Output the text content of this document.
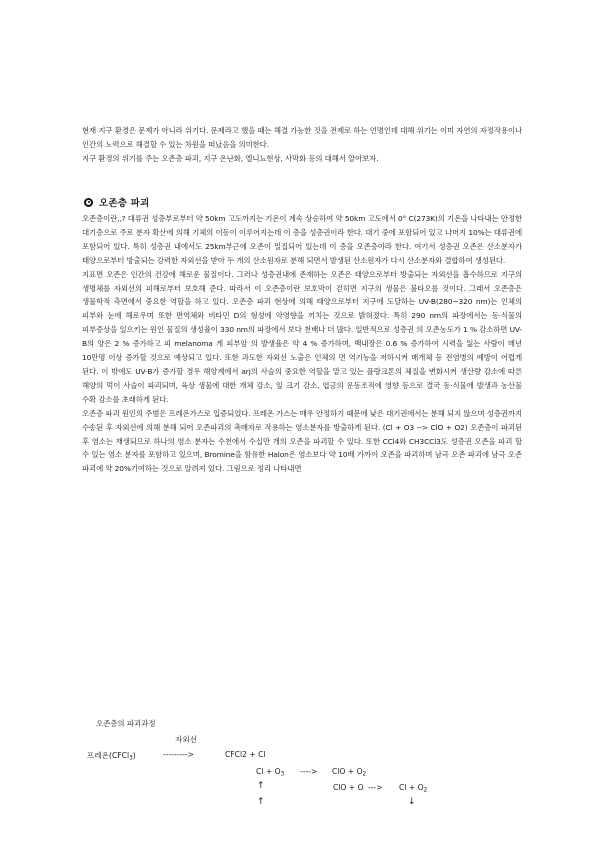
현재 지구 환경은 문제가 아니라 위기다. 문제라고 했을 때는 해결 가능한 것을 전제로 하는 언명인데 대해 위기는 이미 자연의 자정작용이나 인간의 노력으로 해결할 수 있는 차원을 떠났음을 의미한다.

지구 환경의 위기를 주는 오존층 파괴, 지구 온난화, 엘니뇨현상, 사막화 등의 대해서 알아보자.

오존층 파괴

오존층이란,,? 대류권 성층부로부터 약 50km 고도까지는 기온이 계속 상승하여 약 50km 고도에서 0° C(273K)의 기온을 나타내는 안정한 대기층으로 주로 분자 확산에 의해 기체의 이동이 이루어지는데 이 층을 성층권이라 한다. 대기 중에 포함되어 있고 나머지 10%는 대류권에 포함되어 있다. 특히 성층권 내에서도 25km부근에 오존이 밀집되어 있는데 이 층을 오존층이라 한다. 여기서 성층권 오존은 산소분자가 태양으로부터 방출되는 강력한 자외선을 받아 두 개의 산소원자로 분해 되면서 발생된 산소원자가 다시 산소분자와 결합하여 생성된다.

지표면 오존은 인간의 건강에 해로운 물질이다. 그러나 성층권내에 존재하는 오존은 태양으로부터 방출되는 자외선을 흡수하므로 지구의 생명체를 자외선의 피해로부터 보호해 준다. 따라서 이 오존층이란 보호막이 걷히면 지구의 생물은 불타오를 것이다. 그래서 오존층은 생물학적 측면에서 중요한 역할을 하고 있다. 오존층 파괴 현상에 의해 태양으로부터 지구에 도달하는 UV-B(280~320 nm)는 인체의 피부와 눈에 해로우며 또한 면역체와 비타민 D의 형성에 악영향을 끼치는 것으로 밝혀졌다. 특히 290 nm의 파장에서는 동·식물의 피부증상을 일으키는 원인 물질의 생성율이 330 nm의 파장에서 보다 천배나 더 많다. 일반적으로 성층권 의 오존농도가 1 % 감소하면 UV-B의 양은 2 % 증가하고 피 melanoma 게 피부암 의 발생율은 약 4 % 증가하며, 백내장은 0.6 % 증가하여 시력을 잃는 사람이 매년 10만명 이상 증가할 것으로 예상되고 있다. 또한 과도한 자외선 노출은 인체의 면 역기능을 저하시켜 매개체 등 전염병의 예방이 어렵게 된다. 이 밖에도 UV-B가 증가할 경우 해양계에서 arj의 사슬의 중요한 역할을 맡고 있는 플랑크톤의 체질을 변화시켜 생산량 감소에 따른 해양의 먹이 사슬이 파괴되며, 육상 생물에 대한 개체 감소, 잎 크기 감소, 엽긍의 운동조직에 영향 등으로 결국 동·식물에 발생과 농산물 수확 감소를 초래하게 된다.

오존층 파괴 원인의 주범은 프레온가스로 입증되었다. 프레온 가스는 매우 안정하기 때문에 낮은 대기권에서는 분해 되지 않으며 성층권까지 수송된 후 자외선에 의해 분해 되어 오존파괴의 촉매자로 작용하는 염소분자를 방출하게 된다. (Cl + O3 --> ClO + O2) 오존층이 파괴된 후 염소는 재생되므로 하나의 염소 분자는 수천에서 수십만 개의 오존을 파괴할 수 있다. 또한 CCl4와 CH3CCl3도 성층권 오존을 파괴 할 수 있는 염소 분자를 포함하고 있으며, Bromine을 함유한 Halon은 염소보다 약 10배 가까이 오존을 파괴하며 남극 오존 파괴에 남극 오존 파괴에 약 20%기여하는 것으로 알려져 있다. 그림으로 정리 나타내면

오존층의 파괴과정
자외선
프레온(CFCl$_3$)	--------->	CFCl2 + Cl
$Cl + O_3$ ----> ClO + $O_2$
↑	ClO + O ---> $Cl + O_2$
↑	↓
